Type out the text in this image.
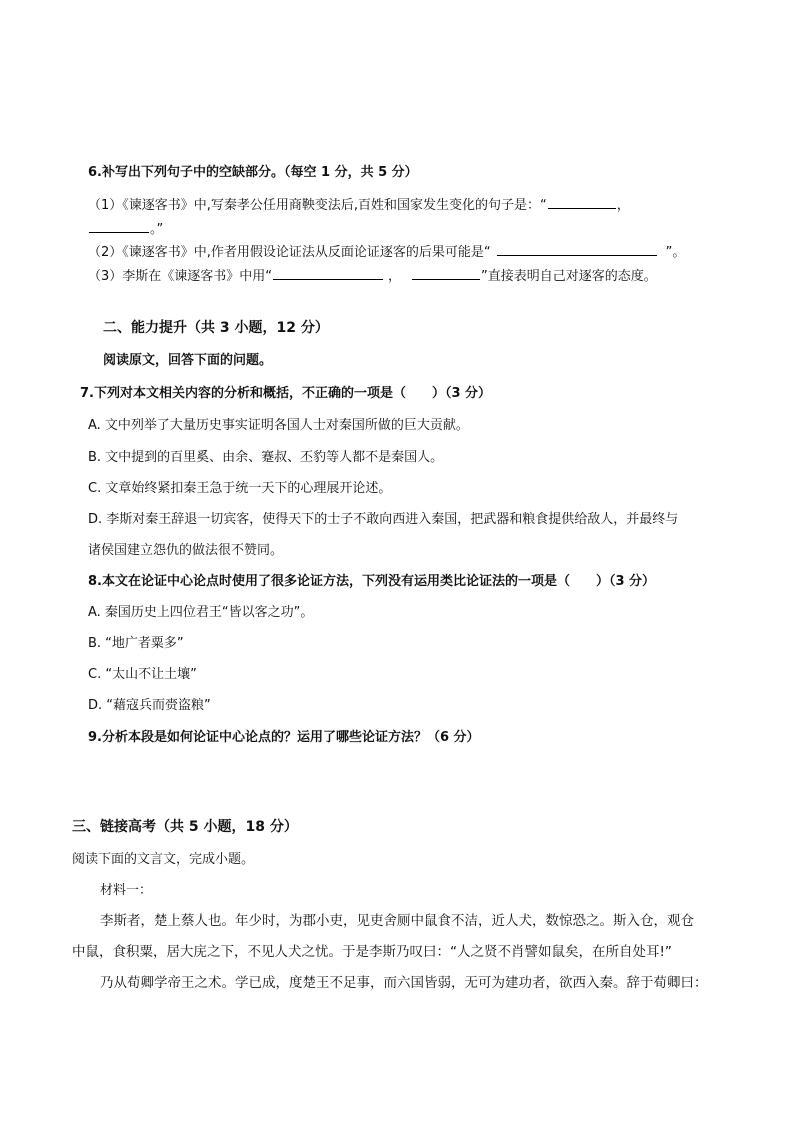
6.补写出下列句子中的空缺部分。（每空 1 分，共 5 分）
（1）《谏逐客书》中,写秦孝公任用商鞅变法后,百姓和国家发生变化的句子是：“	，
。”
（2）《谏逐客书》中,作者用假设论证法从反面论证逐客的后果可能是“	”。
（3）李斯在《谏逐客书》中用“	，	”直接表明自己对逐客的态度。
二、能力提升（共 3 小题，12 分）
阅读原文，回答下面的问题。
7.下列对本文相关内容的分析和概括，不正确的一项是（　　）（3 分）
A. 文中列举了大量历史事实证明各国人士对秦国所做的巨大贡献。
B. 文中提到的百里奚、由余、蹇叔、丕豹等人都不是秦国人。
C. 文章始终紧扣秦王急于统一天下的心理展开论述。
D. 李斯对秦王辞退一切宾客，使得天下的士子不敢向西进入秦国，把武器和粮食提供给敌人，并最终与
诸侯国建立怨仇的做法很不赞同。
8.本文在论证中心论点时使用了很多论证方法，下列没有运用类比论证法的一项是（　　）（3 分）
A. 秦国历史上四位君王“皆以客之功”。
B. “地广者粟多”
C. “太山不让土壤”
D. “藉寇兵而赍盗粮”
9.分析本段是如何论证中心论点的？运用了哪些论证方法？（6 分）
三、链接高考（共 5 小题，18 分）
阅读下面的文言文，完成小题。
材料一：
李斯者，楚上蔡人也。年少时，为郡小吏，见吏舍厕中鼠食不洁，近人犬，数惊恐之。斯入仓，观仓
中鼠，食积粟，居大庑之下，不见人犬之忧。于是李斯乃叹曰：“人之贤不肖譬如鼠矣，在所自处耳!”
乃从荀卿学帝王之术。学已成，度楚王不足事，而六国皆弱，无可为建功者，欲西入秦。辞于荀卿曰：
